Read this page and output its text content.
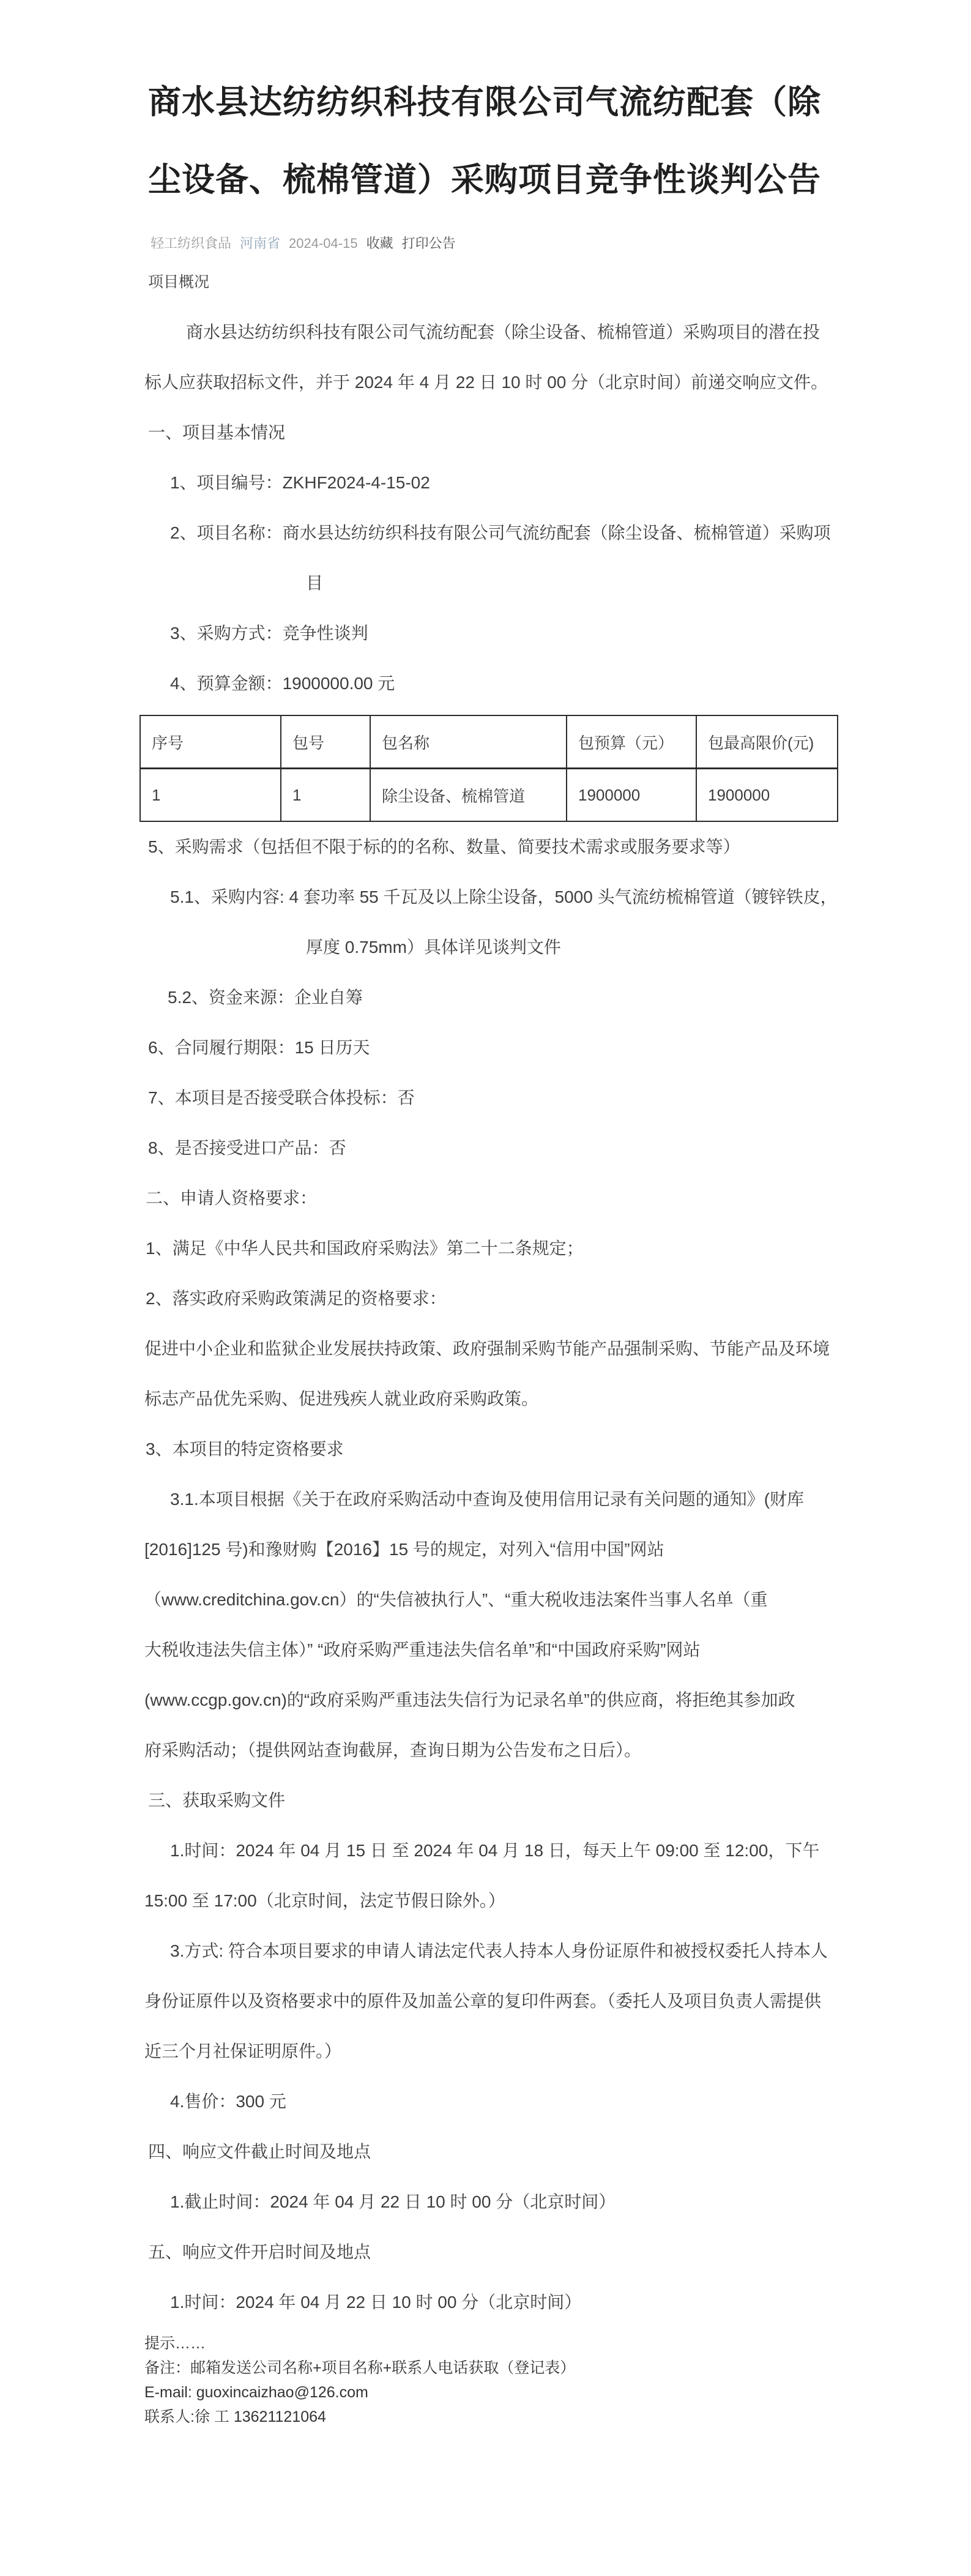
商水县达纺纺织科技有限公司气流纺配套（除
尘设备、梳棉管道）采购项目竞争性谈判公告
轻工纺织食品 河南省 2024-04-15 收藏 打印公告
项目概况
商水县达纺纺织科技有限公司气流纺配套（除尘设备、梳棉管道）采购项目的潜在投
标人应获取招标文件，并于 2024 年 4 月 22 日 10 时 00 分（北京时间）前递交响应文件。
一、项目基本情况
1、项目编号：ZKHF2024-4-15-02
2、项目名称：商水县达纺纺织科技有限公司气流纺配套（除尘设备、梳棉管道）采购项
目
3、采购方式：竞争性谈判
4、预算金额：1900000.00 元
序号	包号	包名称	包预算（元）	包最高限价(元)
1	1	除尘设备、梳棉管道	1900000	1900000
5、采购需求（包括但不限于标的的名称、数量、简要技术需求或服务要求等）
5.1、采购内容: 4 套功率 55 千瓦及以上除尘设备，5000 头气流纺梳棉管道（镀锌铁皮，
厚度 0.75mm）具体详见谈判文件
5.2、资金来源：企业自筹
6、合同履行期限：15 日历天
7、本项目是否接受联合体投标：否
8、是否接受进口产品：否
二、申请人资格要求：
1、满足《中华人民共和国政府采购法》第二十二条规定；
2、落实政府采购政策满足的资格要求：
促进中小企业和监狱企业发展扶持政策、政府强制采购节能产品强制采购、节能产品及环境
标志产品优先采购、促进残疾人就业政府采购政策。
3、本项目的特定资格要求
3.1.本项目根据《关于在政府采购活动中查询及使用信用记录有关问题的通知》(财库
[2016]125 号)和豫财购【2016】15 号的规定，对列入“信用中国”网站
（www.creditchina.gov.cn）的“失信被执行人”、“重大税收违法案件当事人名单（重
大税收违法失信主体）” “政府采购严重违法失信名单”和“中国政府采购”网站
(www.ccgp.gov.cn)的“政府采购严重违法失信行为记录名单”的供应商，将拒绝其参加政
府采购活动；（提供网站查询截屏，查询日期为公告发布之日后）。
三、获取采购文件
1.时间：2024 年 04 月 15 日 至 2024 年 04 月 18 日，每天上午 09:00 至 12:00，下午
15:00 至 17:00（北京时间，法定节假日除外。）
3.方式: 符合本项目要求的申请人请法定代表人持本人身份证原件和被授权委托人持本人
身份证原件以及资格要求中的原件及加盖公章的复印件两套。（委托人及项目负责人需提供
近三个月社保证明原件。）
4.售价：300 元
四、响应文件截止时间及地点
1.截止时间：2024 年 04 月 22 日 10 时 00 分（北京时间）
五、响应文件开启时间及地点
1.时间：2024 年 04 月 22 日 10 时 00 分（北京时间）
提示……
备注：邮箱发送公司名称+项目名称+联系人电话获取（登记表）
E-mail: guoxincaizhao@126.com
联系人:徐 工 13621121064
